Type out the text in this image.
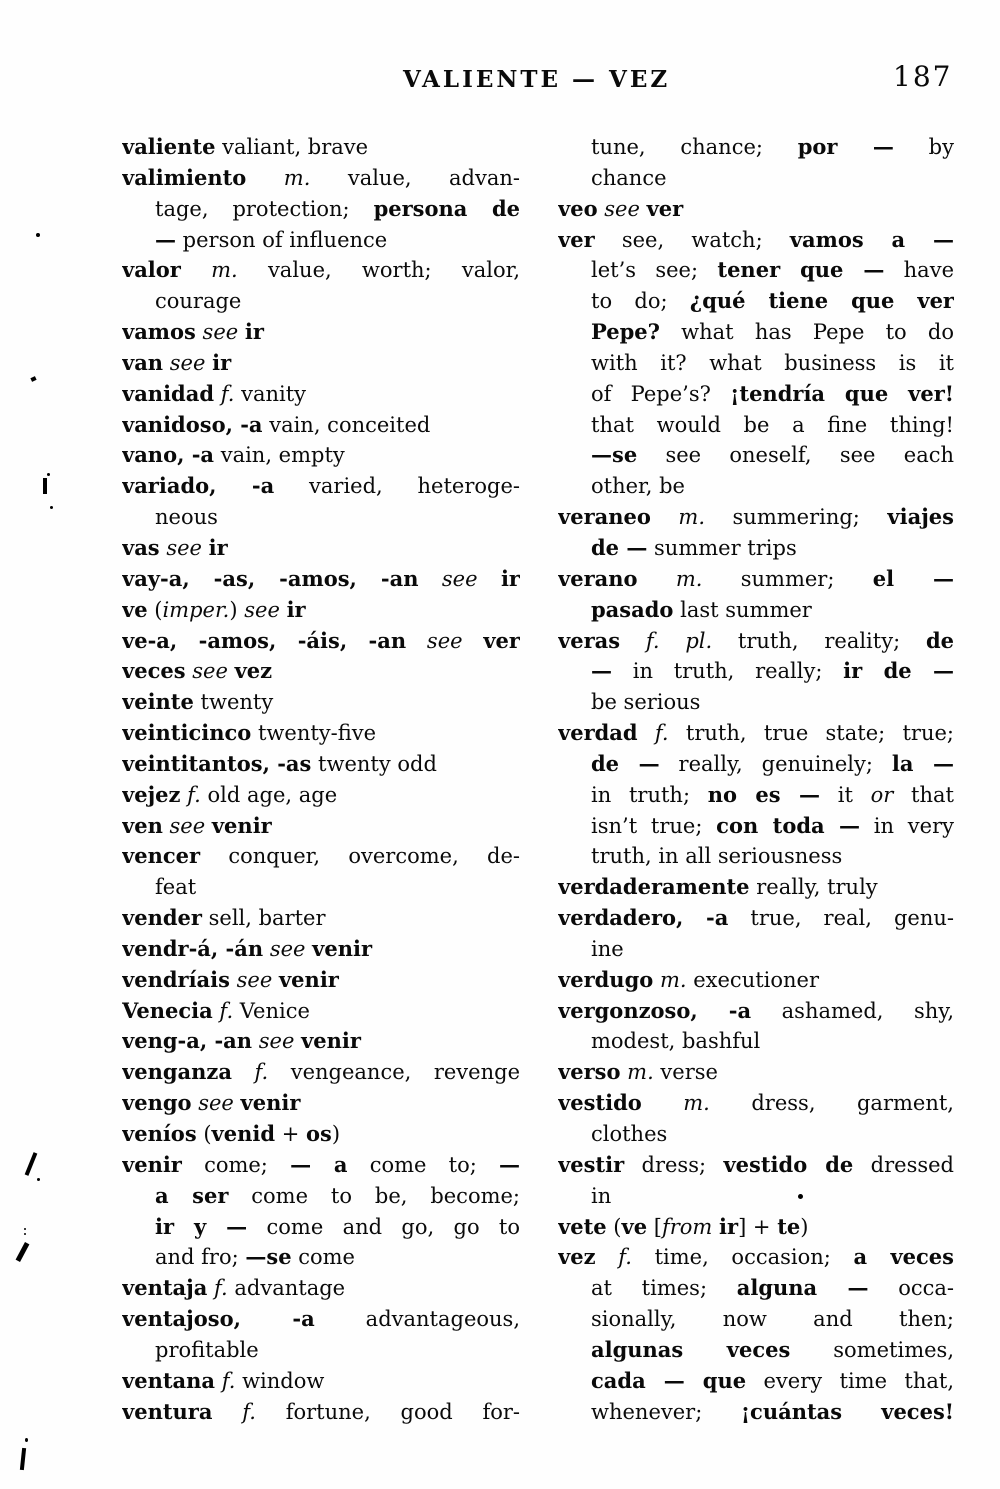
VALIENTE — VEZ	187
valiente valiant, brave
valimiento m. value, advan-
tage, protection; persona de
— person of influence
valor m. value, worth; valor,
courage
vamos see ir
van see ir
vanidad f. vanity
vanidoso, -a vain, conceited
vano, -a vain, empty
variado, -a varied, heteroge-
neous
vas see ir
vay-a, -as, -amos, -an see ir
ve (imper.) see ir
ve-a, -amos, -áis, -an see ver
veces see vez
veinte twenty
veinticinco twenty-five
veintitantos, -as twenty odd
vejez f. old age, age
ven see venir
vencer conquer, overcome, de-
feat
vender sell, barter
vendr-á, -án see venir
vendríais see venir
Venecia f. Venice
veng-a, -an see venir
venganza f. vengeance, revenge
vengo see venir
veníos (venid + os)
venir come; — a come to; —
a ser come to be, become;
ir y — come and go, go to
and fro; —se come
ventaja f. advantage
ventajoso, -a advantageous,
profitable
ventana f. window
ventura f. fortune, good for-
tune, chance; por — by
chance
veo see ver
ver see, watch; vamos a —
let’s see; tener que — have
to do; ¿qué tiene que ver
Pepe? what has Pepe to do
with it? what business is it
of Pepe’s? ¡tendría que ver!
that would be a fine thing!
—se see oneself, see each
other, be
veraneo m. summering; viajes
de — summer trips
verano m. summer; el —
pasado last summer
veras f. pl. truth, reality; de
— in truth, really; ir de —
be serious
verdad f. truth, true state; true;
de — really, genuinely; la —
in truth; no es — it or that
isn’t true; con toda — in very
truth, in all seriousness
verdaderamente really, truly
verdadero, -a true, real, genu-
ine
verdugo m. executioner
vergonzoso, -a ashamed, shy,
modest, bashful
verso m. verse
vestido m. dress, garment,
clothes
vestir dress; vestido de dressed
in
vete (ve [from ir] + te)
vez f. time, occasion; a veces
at times; alguna — occa-
sionally, now and then;
algunas veces sometimes,
cada — que every time that,
whenever; ¡cuántas veces!
